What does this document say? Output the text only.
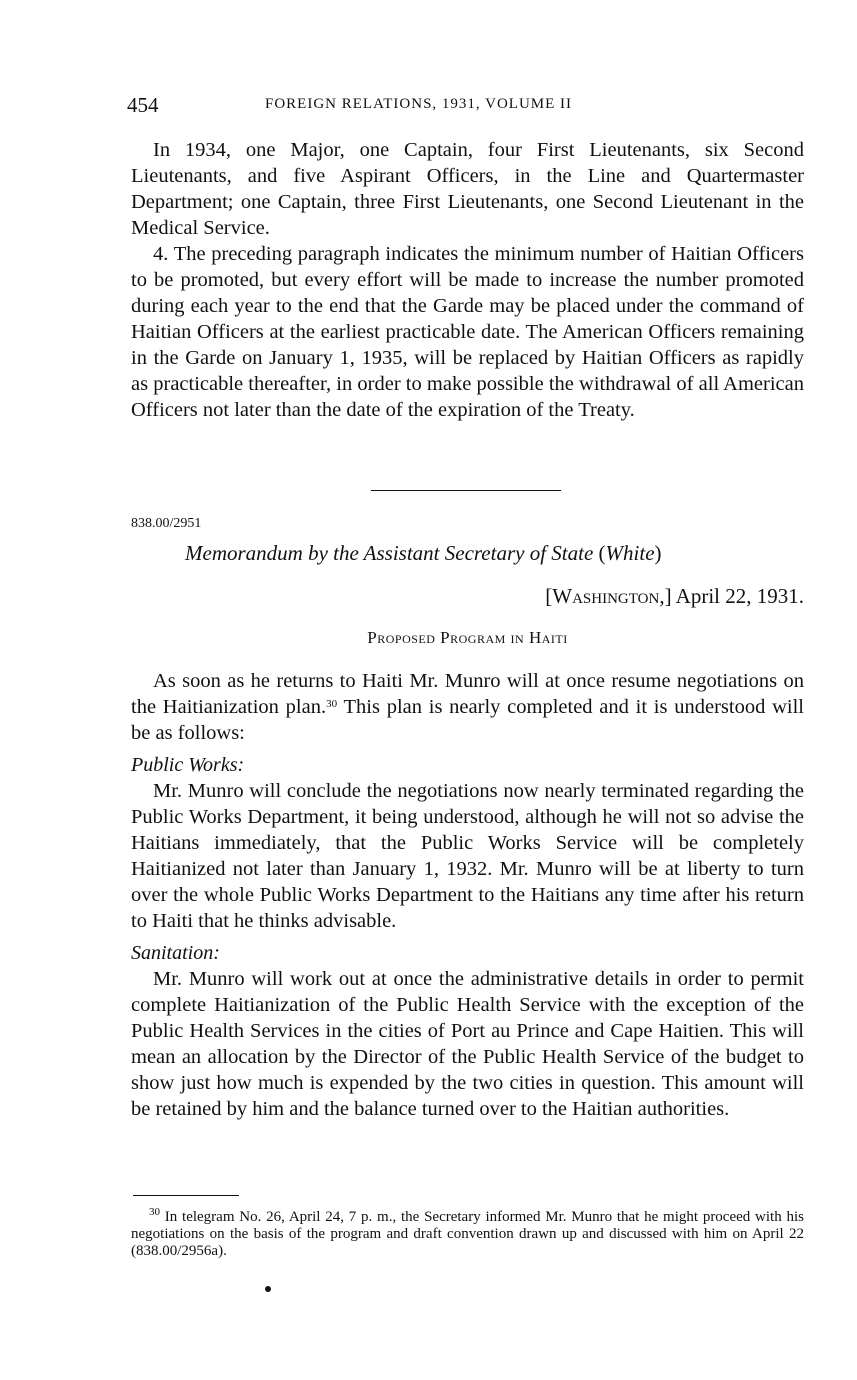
454	FOREIGN RELATIONS, 1931, VOLUME II

In 1934, one Major, one Captain, four First Lieutenants, six Second Lieutenants, and five Aspirant Officers, in the Line and Quartermaster Department; one Captain, three First Lieutenants, one Second Lieutenant in the Medical Service.

4. The preceding paragraph indicates the minimum number of Haitian Officers to be promoted, but every effort will be made to increase the number promoted during each year to the end that the Garde may be placed under the command of Haitian Officers at the earliest practicable date. The American Officers remaining in the Garde on January 1, 1935, will be replaced by Haitian Officers as rapidly as practicable thereafter, in order to make possible the withdrawal of all American Officers not later than the date of the expiration of the Treaty.

838.00/2951
Memorandum by the Assistant Secretary of State (White)
[Washington,] April 22, 1931.
Proposed Program in Haiti

As soon as he returns to Haiti Mr. Munro will at once resume negotiations on the Haitianization plan.$^{30}$ This plan is nearly completed and it is understood will be as follows:

Public Works:

Mr. Munro will conclude the negotiations now nearly terminated regarding the Public Works Department, it being understood, although he will not so advise the Haitians immediately, that the Public Works Service will be completely Haitianized not later than January 1, 1932. Mr. Munro will be at liberty to turn over the whole Public Works Department to the Haitians any time after his return to Haiti that he thinks advisable.

Sanitation:

Mr. Munro will work out at once the administrative details in order to permit complete Haitianization of the Public Health Service with the exception of the Public Health Services in the cities of Port au Prince and Cape Haitien. This will mean an allocation by the Director of the Public Health Service of the budget to show just how much is expended by the two cities in question. This amount will be retained by him and the balance turned over to the Haitian authorities.

$^{30}$ In telegram No. 26, April 24, 7 p. m., the Secretary informed Mr. Munro that he might proceed with his negotiations on the basis of the program and draft convention drawn up and discussed with him on April 22 (838.00/2956a).
